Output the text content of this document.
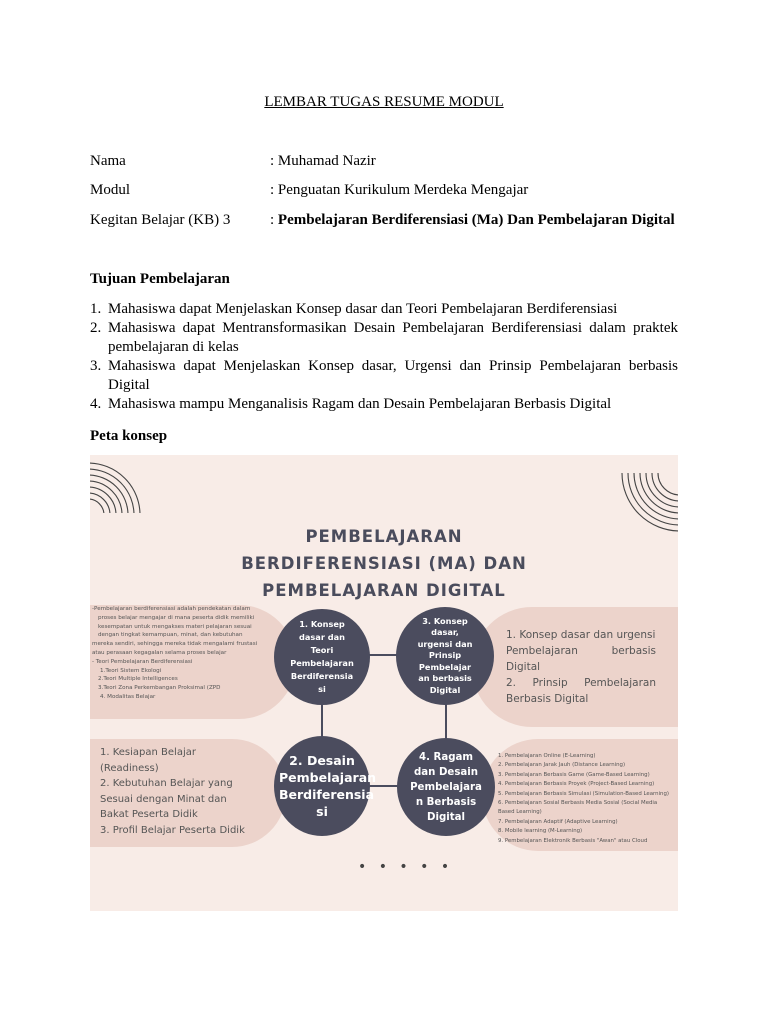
LEMBAR TUGAS RESUME MODUL
Nama	: Muhamad Nazir
Modul	: Penguatan Kurikulum Merdeka Mengajar
Kegitan Belajar (KB) 3	: Pembelajaran Berdiferensiasi (Ma) Dan Pembelajaran Digital
Tujuan Pembelajaran
1. Mahasiswa dapat Menjelaskan Konsep dasar dan Teori Pembelajaran Berdiferensiasi
2. Mahasiswa dapat Mentransformasikan Desain Pembelajaran Berdiferensiasi dalam praktek pembelajaran di kelas
3. Mahasiswa dapat Menjelaskan Konsep dasar, Urgensi dan Prinsip Pembelajaran berbasis Digital
4. Mahasiswa mampu Menganalisis Ragam dan Desain Pembelajaran Berbasis Digital
Peta konsep
PEMBELAJARAN
BERDIFERENSIASI (MA) DAN
PEMBELAJARAN DIGITAL
-Pembelajaran berdiferensiasi adalah pendekatan dalam
proses belajar mengajar di mana peserta didik memiliki
kesempatan untuk mengakses materi pelajaran sesuai
dengan tingkat kemampuan, minat, dan kebutuhan
mereka sendiri, sehingga mereka tidak mengalami frustasi
atau perasaan kegagalan selama proses belajar
- Teori Pembelajaran Berdiferensiasi
1.Teori Sistem Ekologi
2.Teori Multiple Intelligences
3.Teori Zona Perkembangan Proksimal (ZPD
4. Modalitas Belajar
1. Konsep dasar dan urgensi
Pembelajaran berbasis
Digital
2. Prinsip Pembelajaran
Berbasis Digital
1. Kesiapan Belajar
(Readiness)
2. Kebutuhan Belajar yang
Sesuai dengan Minat dan
Bakat Peserta Didik
3. Profil Belajar Peserta Didik
1. Pembelajaran Online (E-Learning)
2. Pembelajaran Jarak Jauh (Distance Learning)
3. Pembelajaran Berbasis Game (Game-Based Learning)
4. Pembelajaran Berbasis Proyek (Project-Based Learning)
5. Pembelajaran Berbasis Simulasi (Simulation-Based Learning)
6. Pembelajaran Sosial Berbasis Media Sosial (Social Media
Based Learning)
7. Pembelajaran Adaptif (Adaptive Learning)
8. Mobile learning (M-Learning)
9. Pembelajaran Elektronik Berbasis "Awan" atau Cloud
1. Konsep dasar dan Teori Pembelajaran Berdiferensia si
3. Konsep dasar, urgensi dan Prinsip Pembelajar an berbasis Digital
2. Desain Pembelajaran Berdiferensia si
4. Ragam dan Desain Pembelajara n Berbasis Digital
• • • • •
